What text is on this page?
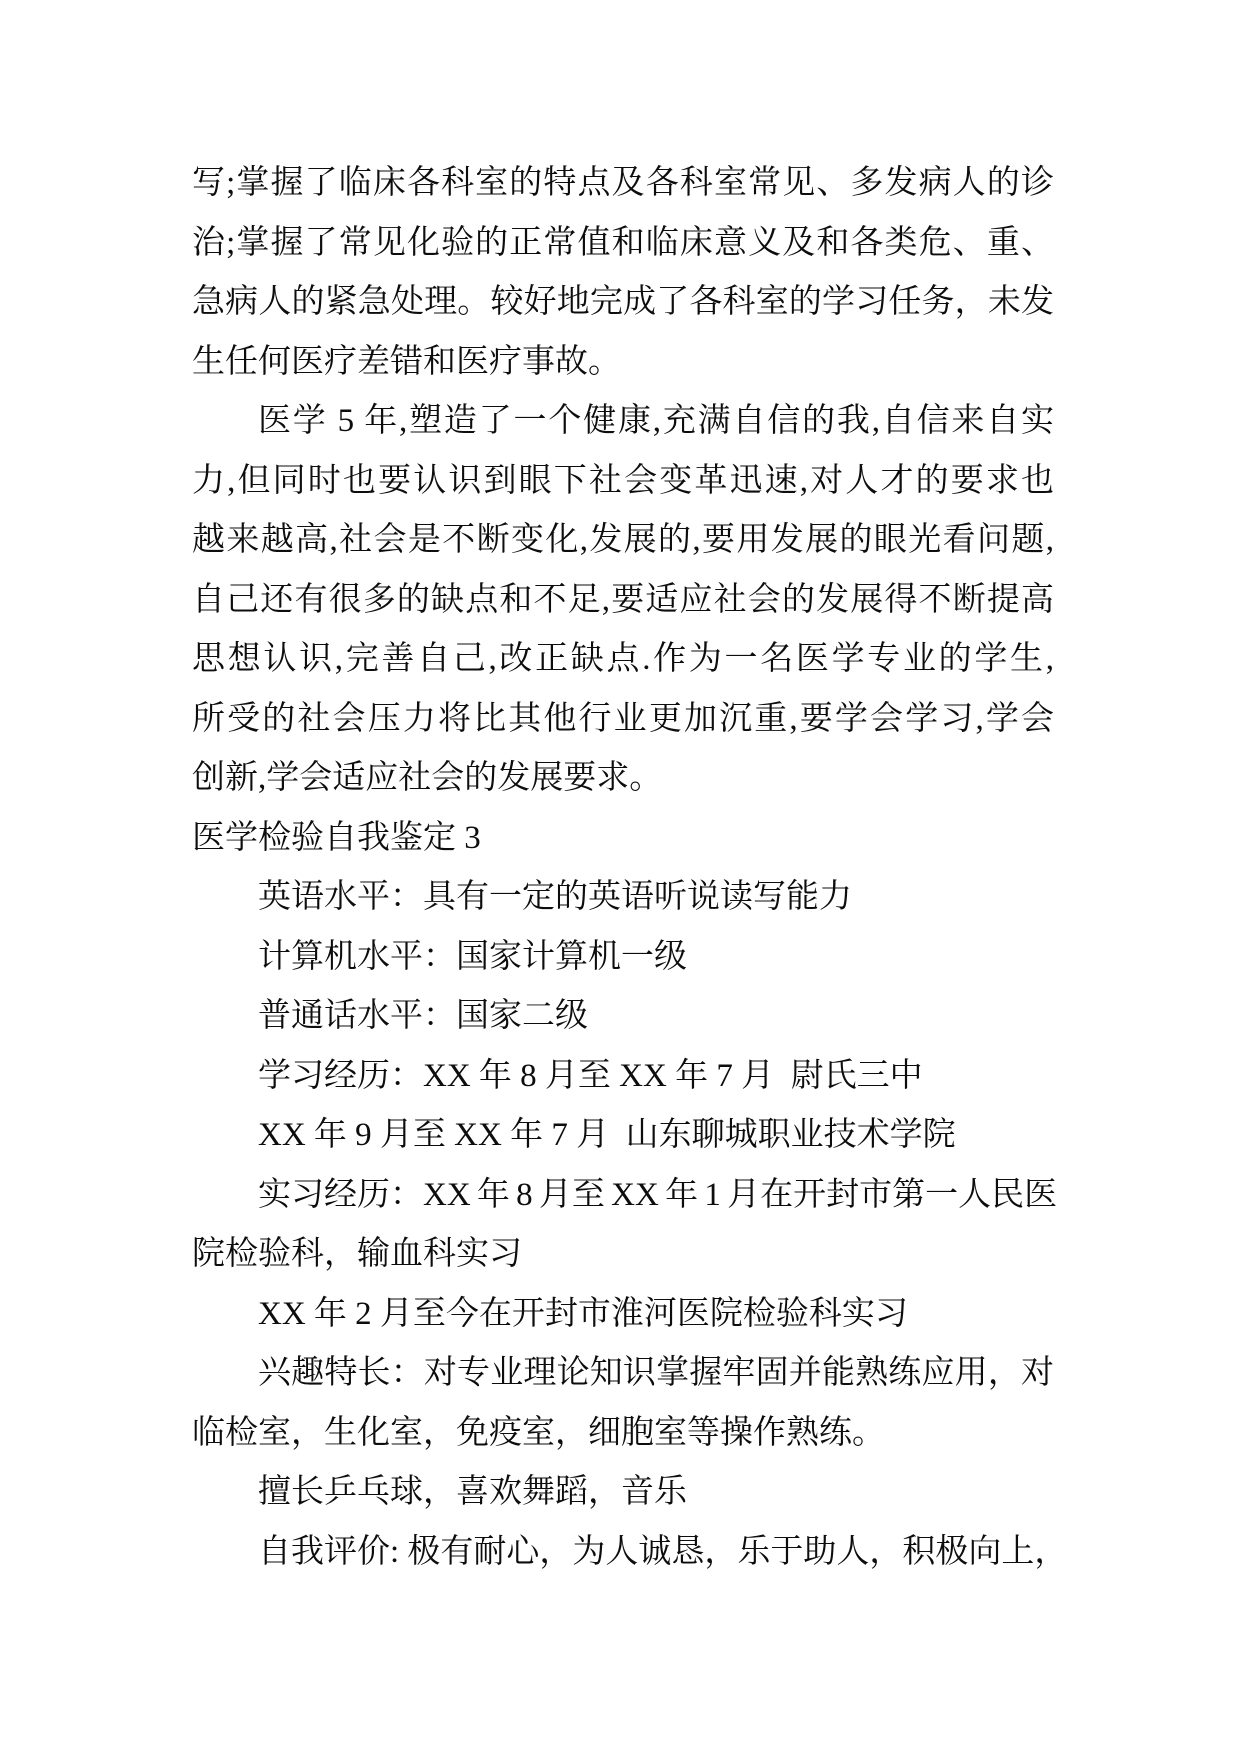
写;掌握了临床各科室的特点及各科室常见、多发病人的诊
治;掌握了常见化验的正常值和临床意义及和各类危、重、
急病人的紧急处理。较好地完成了各科室的学习任务，未发
生任何医疗差错和医疗事故。
医学 5 年,塑造了一个健康,充满自信的我,自信来自实
力,但同时也要认识到眼下社会变革迅速,对人才的要求也
越来越高,社会是不断变化,发展的,要用发展的眼光看问题,
自己还有很多的缺点和不足,要适应社会的发展得不断提高
思想认识,完善自己,改正缺点.作为一名医学专业的学生,
所受的社会压力将比其他行业更加沉重,要学会学习,学会
创新,学会适应社会的发展要求。
医学检验自我鉴定 3
英语水平：具有一定的英语听说读写能力
计算机水平：国家计算机一级
普通话水平：国家二级
学习经历：XX 年 8 月至 XX 年 7 月  尉氏三中
XX 年 9 月至 XX 年 7 月  山东聊城职业技术学院
实习经历：XX 年 8 月至 XX 年 1 月在开封市第一人民医
院检验科，输血科实习
XX 年 2 月至今在开封市淮河医院检验科实习
兴趣特长：对专业理论知识掌握牢固并能熟练应用，对
临检室，生化室，免疫室，细胞室等操作熟练。
擅长乒乓球，喜欢舞蹈，音乐
自我评价: 极有耐心，为人诚恳，乐于助人，积极向上，
